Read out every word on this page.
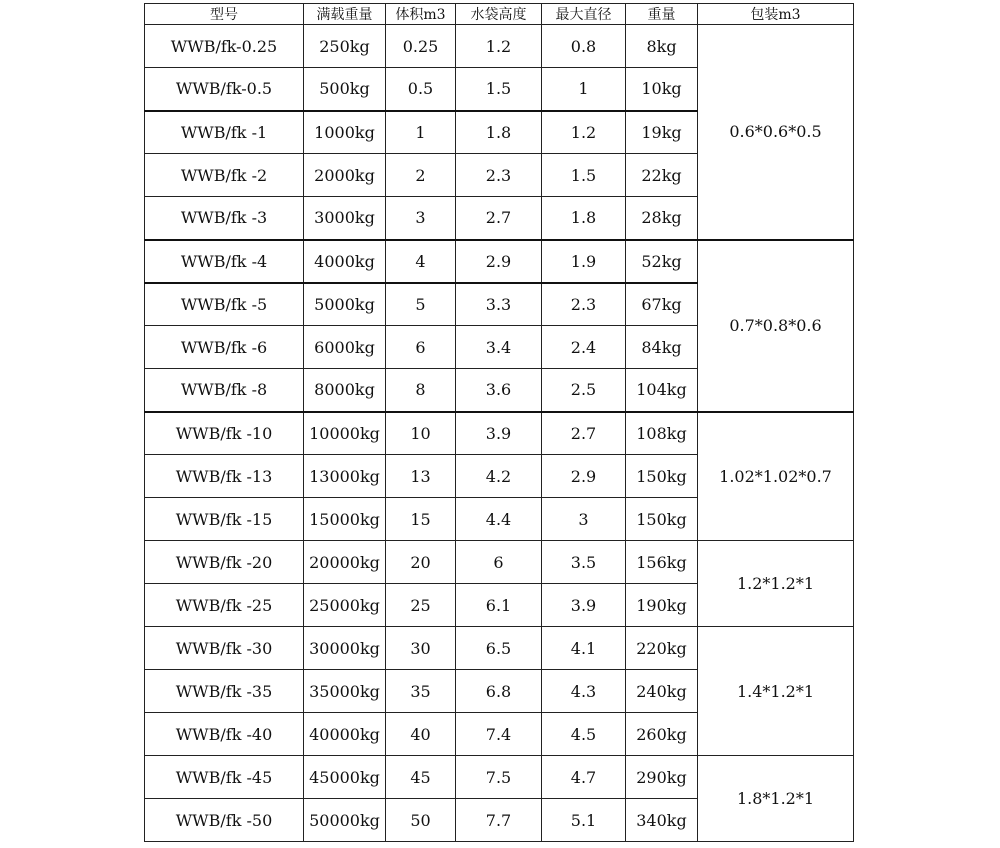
型号	满载重量	体积m3	水袋高度	最大直径	重量	包装m3
WWB/fk-0.25	250kg	0.25	1.2	0.8	8kg	0.6*0.6*0.5
WWB/fk-0.5	500kg	0.5	1.5	1	10kg	
WWB/fk -1	1000kg	1	1.8	1.2	19kg	
WWB/fk -2	2000kg	2	2.3	1.5	22kg	
WWB/fk -3	3000kg	3	2.7	1.8	28kg	
WWB/fk -4	4000kg	4	2.9	1.9	52kg	0.7*0.8*0.6
WWB/fk -5	5000kg	5	3.3	2.3	67kg	
WWB/fk -6	6000kg	6	3.4	2.4	84kg	
WWB/fk -8	8000kg	8	3.6	2.5	104kg	
WWB/fk -10	10000kg	10	3.9	2.7	108kg	1.02*1.02*0.7
WWB/fk -13	13000kg	13	4.2	2.9	150kg	
WWB/fk -15	15000kg	15	4.4	3	150kg	
WWB/fk -20	20000kg	20	6	3.5	156kg	1.2*1.2*1
WWB/fk -25	25000kg	25	6.1	3.9	190kg	
WWB/fk -30	30000kg	30	6.5	4.1	220kg	1.4*1.2*1
WWB/fk -35	35000kg	35	6.8	4.3	240kg	
WWB/fk -40	40000kg	40	7.4	4.5	260kg	
WWB/fk -45	45000kg	45	7.5	4.7	290kg	1.8*1.2*1
WWB/fk -50	50000kg	50	7.7	5.1	340kg	
